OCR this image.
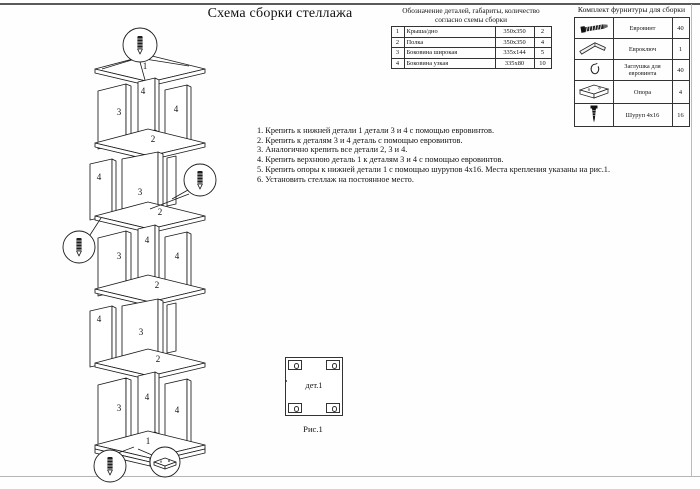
Схема сборки стеллажа	Обозначение деталей, габариты, количество
согласно схемы сборки
1	Крыша/дно	350x350	2
2	Полка	350x350	4
3	Боковина широкая	335x144	5
4	Боковина узкая	335x80	10
Комплект фурнитуры для сборки
	Евровинт	40
	Евроключ	1
	Заглушка для евровинта	40
	Опора	4
	Шуруп 4x16	16
1. Крепить к нижней детали 1 детали 3 и 4 с помощью евровинтов.
2. Крепить к деталям 3 и 4 деталь с помощью евровинтов.
3. Аналогично крепить все детали 2, 3 и 4.
4. Крепить верхнюю деталь 1 к деталям 3 и 4 с помощью евровинтов.
5. Крепить опоры к нижней детали 1 с помощью шурупов 4x16. Места крепления указаны на рис.1.
6. Установить стеллаж на постоянное место.
1
4
3	4
2
4
3
2
4
3	4
2
4
3
2
4
3	4
1
дет.1
Рис.1
